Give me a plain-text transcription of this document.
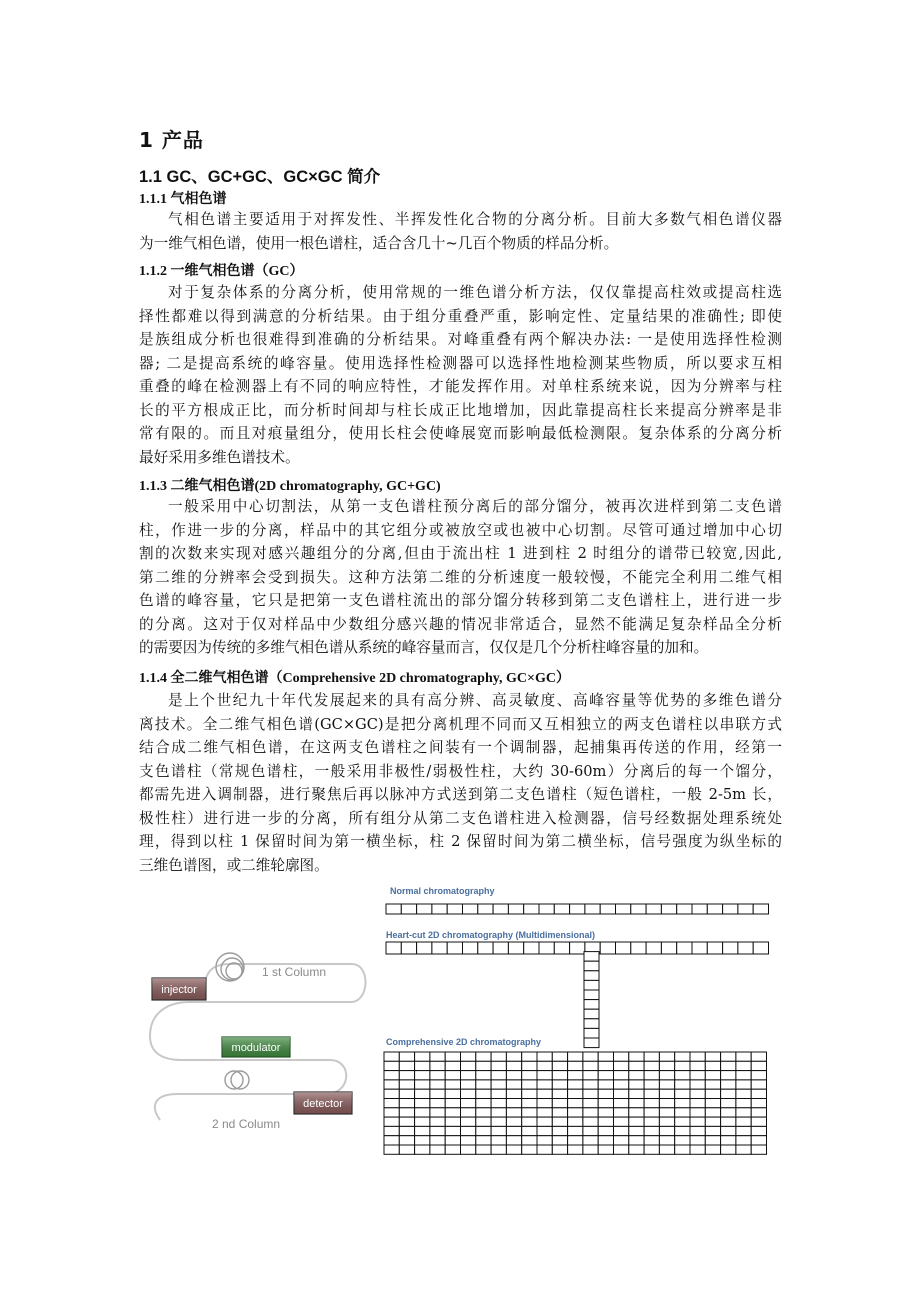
1 产品
1.1 GC、GC+GC、GC×GC 简介
1.1.1 气相色谱
气相色谱主要适用于对挥发性、半挥发性化合物的分离分析。目前大多数气相色谱仪器
为一维气相色谱，使用一根色谱柱，适合含几十~几百个物质的样品分析。
1.1.2 一维气相色谱（GC）
对于复杂体系的分离分析，使用常规的一维色谱分析方法，仅仅靠提高柱效或提高柱选
择性都难以得到满意的分析结果。由于组分重叠严重，影响定性、定量结果的准确性; 即使
是族组成分析也很难得到准确的分析结果。对峰重叠有两个解决办法: 一是使用选择性检测
器; 二是提高系统的峰容量。使用选择性检测器可以选择性地检测某些物质，所以要求互相
重叠的峰在检测器上有不同的响应特性，才能发挥作用。对单柱系统来说，因为分辨率与柱
长的平方根成正比，而分析时间却与柱长成正比地增加，因此靠提高柱长来提高分辨率是非
常有限的。而且对痕量组分，使用长柱会使峰展宽而影响最低检测限。复杂体系的分离分析
最好采用多维色谱技术。
1.1.3 二维气相色谱(2D chromatography, GC+GC)
一般采用中心切割法，从第一支色谱柱预分离后的部分馏分，被再次进样到第二支色谱
柱，作进一步的分离，样品中的其它组分或被放空或也被中心切割。尽管可通过增加中心切
割的次数来实现对感兴趣组分的分离,但由于流出柱 1 进到柱 2 时组分的谱带已较宽,因此,
第二维的分辨率会受到损失。这种方法第二维的分析速度一般较慢，不能完全利用二维气相
色谱的峰容量，它只是把第一支色谱柱流出的部分馏分转移到第二支色谱柱上，进行进一步
的分离。这对于仅对样品中少数组分感兴趣的情况非常适合，显然不能满足复杂样品全分析
的需要因为传统的多维气相色谱从系统的峰容量而言，仅仅是几个分析柱峰容量的加和。
1.1.4 全二维气相色谱（Comprehensive 2D chromatography, GC×GC）
是上个世纪九十年代发展起来的具有高分辨、高灵敏度、高峰容量等优势的多维色谱分
离技术。全二维气相色谱(GC×GC)是把分离机理不同而又互相独立的两支色谱柱以串联方式
结合成二维气相色谱，在这两支色谱柱之间装有一个调制器，起捕集再传送的作用，经第一
支色谱柱（常规色谱柱，一般采用非极性/弱极性柱，大约 30-60m）分离后的每一个馏分，
都需先进入调制器，进行聚焦后再以脉冲方式送到第二支色谱柱（短色谱柱，一般 2-5m 长，
极性柱）进行进一步的分离，所有组分从第二支色谱柱进入检测器，信号经数据处理系统处
理，得到以柱 1 保留时间为第一横坐标，柱 2 保留时间为第二横坐标，信号强度为纵坐标的
三维色谱图，或二维轮廓图。
1 st Column
injector
modulator
2 nd Column
detector
Normal chromatography
Heart-cut 2D chromatography (Multidimensional)
Comprehensive 2D chromatography
